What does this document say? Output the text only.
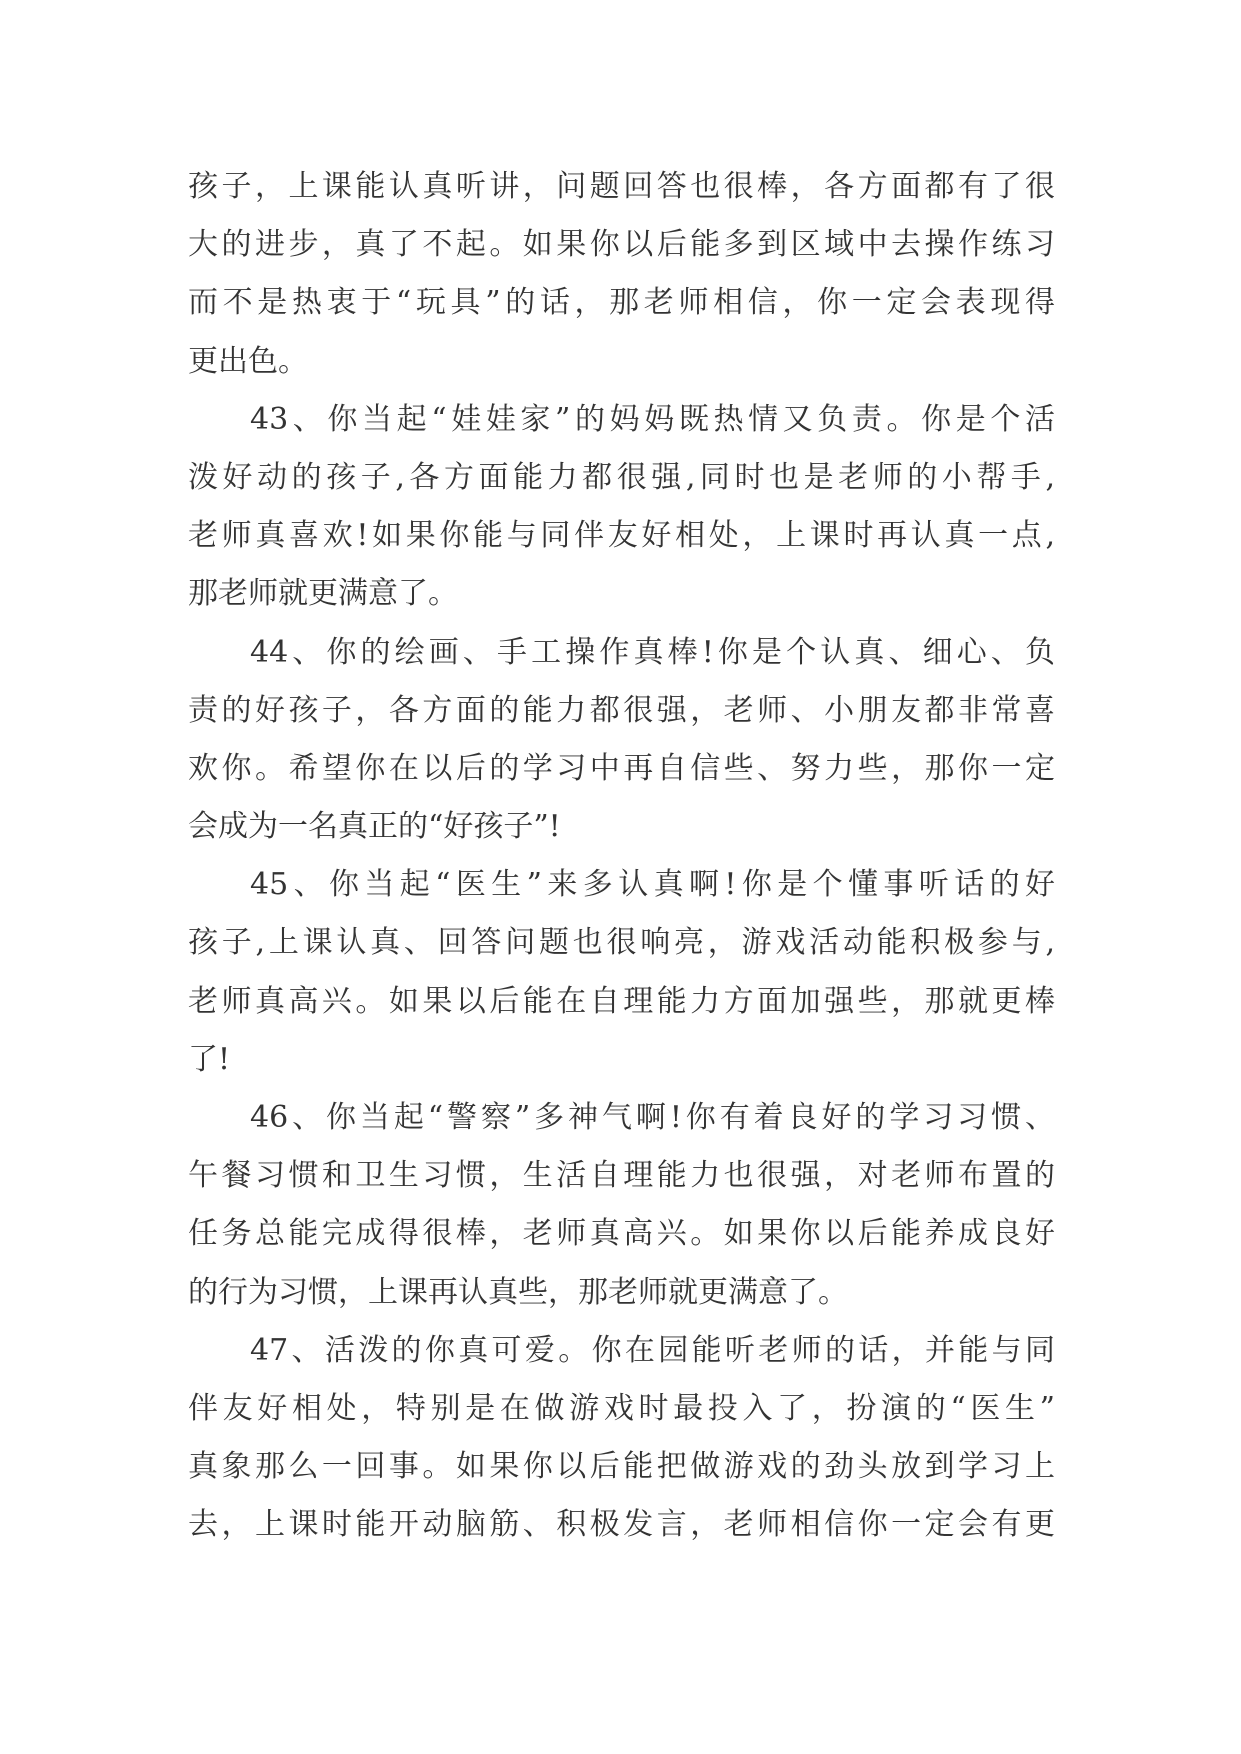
孩子，上课能认真听讲，问题回答也很棒，各方面都有了很
大的进步，真了不起。如果你以后能多到区域中去操作练习
而不是热衷于“玩具”的话，那老师相信，你一定会表现得
更出色。
43、你当起“娃娃家”的妈妈既热情又负责。你是个活
泼好动的孩子,各方面能力都很强,同时也是老师的小帮手,
老师真喜欢!如果你能与同伴友好相处，上课时再认真一点,
那老师就更满意了。
44、你的绘画、手工操作真棒!你是个认真、细心、负
责的好孩子，各方面的能力都很强，老师、小朋友都非常喜
欢你。希望你在以后的学习中再自信些、努力些，那你一定
会成为一名真正的“好孩子”!
45、你当起“医生”来多认真啊!你是个懂事听话的好
孩子,上课认真、回答问题也很响亮，游戏活动能积极参与,
老师真高兴。如果以后能在自理能力方面加强些，那就更棒
了!
46、你当起“警察”多神气啊!你有着良好的学习习惯、
午餐习惯和卫生习惯，生活自理能力也很强，对老师布置的
任务总能完成得很棒，老师真高兴。如果你以后能养成良好
的行为习惯，上课再认真些，那老师就更满意了。
47、活泼的你真可爱。你在园能听老师的话，并能与同
伴友好相处，特别是在做游戏时最投入了，扮演的“医生”
真象那么一回事。如果你以后能把做游戏的劲头放到学习上
去，上课时能开动脑筋、积极发言，老师相信你一定会有更
